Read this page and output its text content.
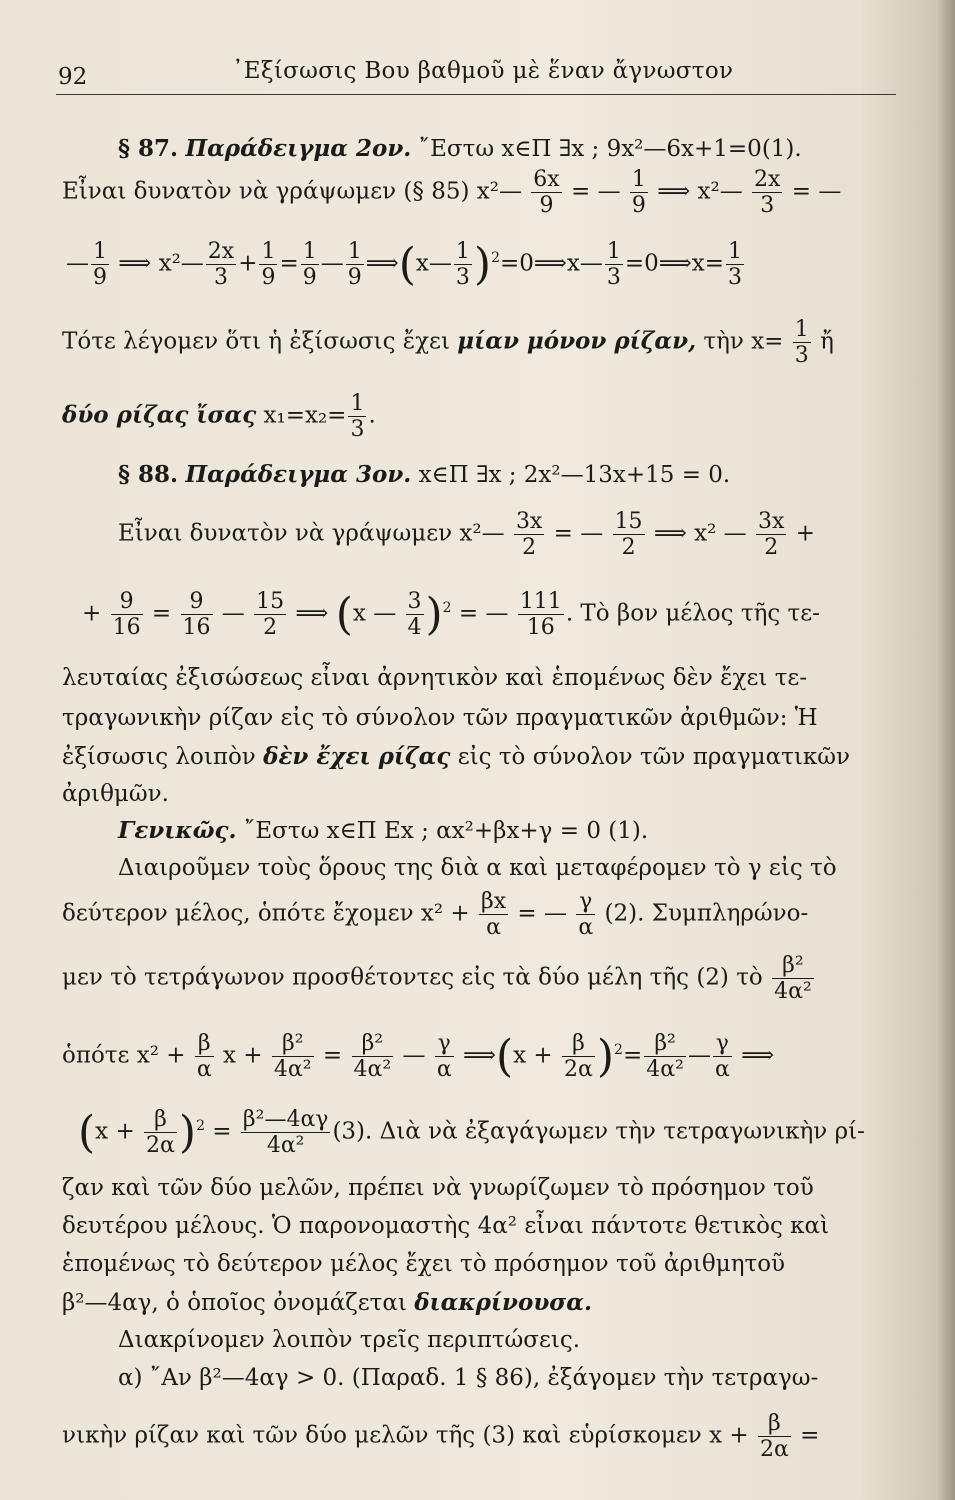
92	᾿Εξίσωσις Βου βαθμοῦ μὲ ἕναν ἄγνωστον
§ 87. Παράδειγμα 2ον. ῎Εστω x∈Π ∃x ; 9x²—6x+1=0(1).
Εἶναι δυνατὸν νὰ γράψωμεν (§ 85) x²— $\frac{6x}{9}$ = — $\frac{1}{9}$ ⟹ x²— $\frac{2x}{3}$ = —
— $\frac{1}{9}$ ⟹ x²— $\frac{2x}{3} + \frac{1}{9} = \frac{1}{9}$ — $\frac{1}{9}$ ⟹(x— $\frac{1}{3}$ )$^2$=0⟹x— $\frac{1}{3}$ =0⟹x= $\frac{1}{3}$
Τότε λέγομεν ὅτι ἡ ἐξίσωσις ἔχει μίαν μόνον ρίζαν, τὴν $x= \frac{1}{3}$ ἤ
δύο ρίζας ἴσας $x_1=x_2= \frac{1}{3}$ .
§ 88. Παράδειγμα 3ον. x∈Π ∃x ; 2x²—13x+15 = 0.
Εἶναι δυνατὸν νὰ γράψωμεν x²— $\frac{3x}{2}$ = — $\frac{15}{2}$ ⟹ x² — $\frac{3x}{2}$ +
+ $\frac{9}{16} = \frac{9}{16}$ — $\frac{15}{2}$ ⟹ (x — $\frac{3}{4} )^2$ = — $\frac{111}{16}$ . Τὸ βον μέλος τῆς τε-
λευταίας ἐξισώσεως εἶναι ἀρνητικὸν καὶ ἑπομένως δὲν ἔχει τε-
τραγωνικὴν ρίζαν εἰς τὸ σύνολον τῶν πραγματικῶν ἀριθμῶν: Ἡ
ἐξίσωσις λοιπὸν δὲν ἔχει ρίζας εἰς τὸ σύνολον τῶν πραγματικῶν
ἀριθμῶν.
Γενικῶς. ῎Εστω x∈Π Ex ; αx²+βx+γ = 0 (1).
Διαιροῦμεν τοὺς ὅρους της διὰ α καὶ μεταφέρομεν τὸ γ εἰς τὸ
δεύτερον μέλος, ὁπότε ἔχομεν $x^2 + \frac{\beta x}{\alpha}$ = — $\frac{\gamma}{\alpha} (2)$. Συμπληρώνο-
μεν τὸ τετράγωνον προσθέτοντες εἰς τὰ δύο μέλη τῆς (2) τὸ $\frac{\text{β²}}{\text{4α²}}$
ὁπότε $x^2 + \frac{\beta}{\alpha}$ $x + \frac{\text{β²}}{\text{4α²}} = \frac{\text{β²}}{\text{4α²}}$ — $\frac{\gamma}{\alpha}$ ⟹(x + $\frac{\beta}{2\alpha} )^2= \frac{\text{β²}}{\text{4α²}}$ — $\frac{\gamma}{\alpha}$ ⟹
$(x + \frac{\beta}{2\alpha} )^2 = \frac{\text{β²—4αγ}}{\text{4α²}} (3)$. Διὰ νὰ ἐξαγάγωμεν τὴν τετραγωνικὴν ρί-
ζαν καὶ τῶν δύο μελῶν, πρέπει νὰ γνωρίζωμεν τὸ πρόσημον τοῦ
δευτέρου μέλους. Ὁ παρονομαστὴς 4α² εἶναι πάντοτε θετικὸς καὶ
ἑπομένως τὸ δεύτερον μέλος ἔχει τὸ πρόσημον τοῦ ἀριθμητοῦ
β²—4αγ, ὁ ὁποῖος ὀνομάζεται διακρίνουσα.
Διακρίνομεν λοιπὸν τρεῖς περιπτώσεις.
α) ῎Αν β²—4αγ > 0. (Παραδ. 1 § 86), ἐξάγομεν τὴν τετραγω-
νικὴν ρίζαν καὶ τῶν δύο μελῶν τῆς (3) καὶ εὑρίσκομεν $x + \frac{\beta}{2\alpha}$ =
